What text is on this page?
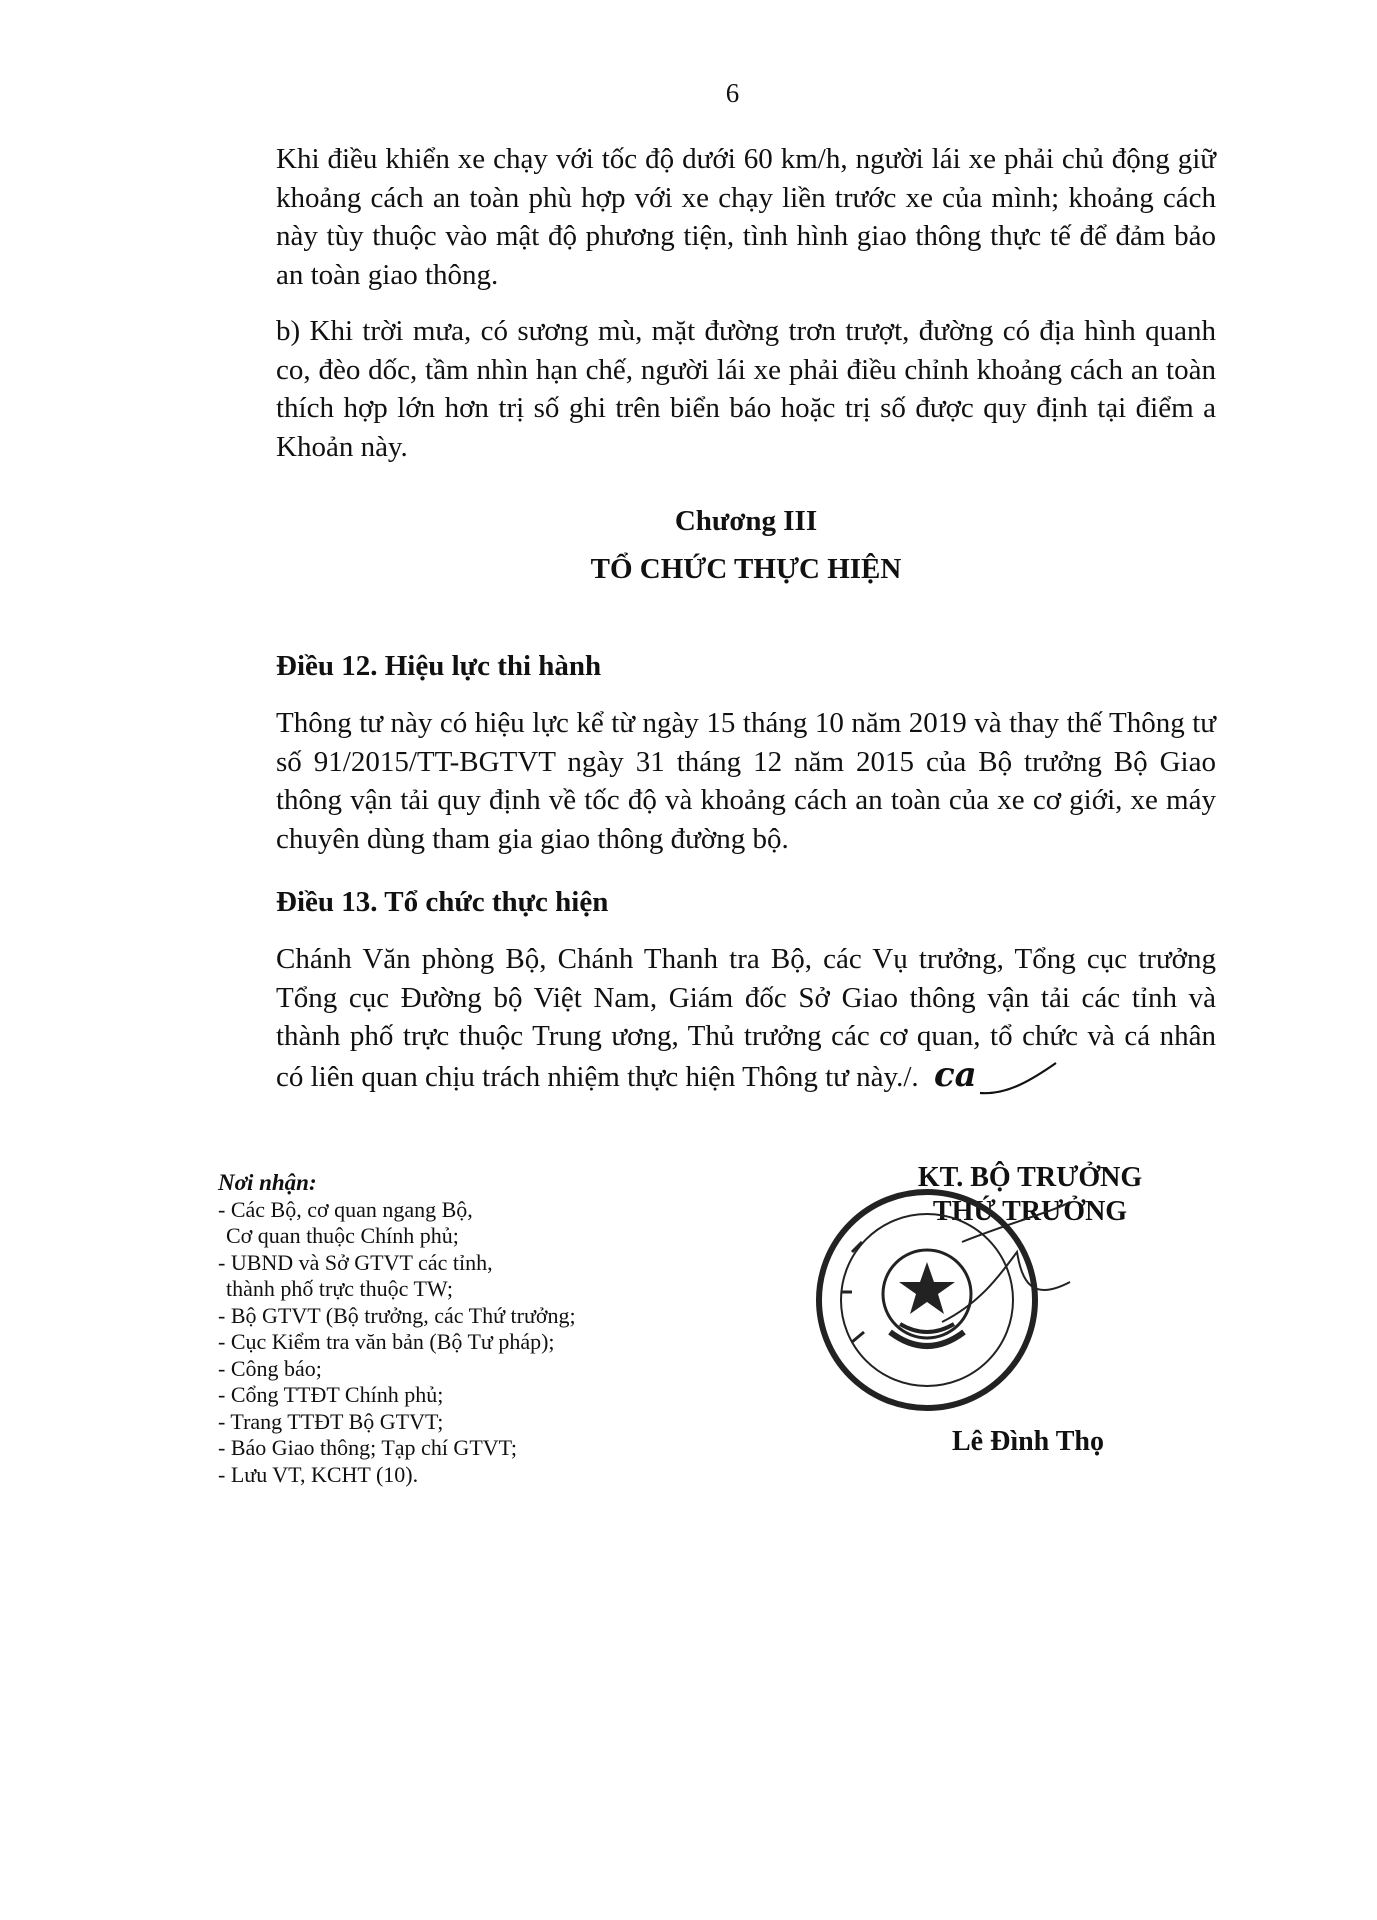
6

Khi điều khiển xe chạy với tốc độ dưới 60 km/h, người lái xe phải chủ động giữ khoảng cách an toàn phù hợp với xe chạy liền trước xe của mình; khoảng cách này tùy thuộc vào mật độ phương tiện, tình hình giao thông thực tế để đảm bảo an toàn giao thông.

b) Khi trời mưa, có sương mù, mặt đường trơn trượt, đường có địa hình quanh co, đèo dốc, tầm nhìn hạn chế, người lái xe phải điều chỉnh khoảng cách an toàn thích hợp lớn hơn trị số ghi trên biển báo hoặc trị số được quy định tại điểm a Khoản này.

Chương III
TỔ CHỨC THỰC HIỆN
Điều 12. Hiệu lực thi hành

Thông tư này có hiệu lực kể từ ngày 15 tháng 10 năm 2019 và thay thế Thông tư số 91/2015/TT-BGTVT ngày 31 tháng 12 năm 2015 của Bộ trưởng Bộ Giao thông vận tải quy định về tốc độ và khoảng cách an toàn của xe cơ giới, xe máy chuyên dùng tham gia giao thông đường bộ.

Điều 13. Tổ chức thực hiện

Chánh Văn phòng Bộ, Chánh Thanh tra Bộ, các Vụ trưởng, Tổng cục trưởng Tổng cục Đường bộ Việt Nam, Giám đốc Sở Giao thông vận tải các tỉnh và thành phố trực thuộc Trung ương, Thủ trưởng các cơ quan, tổ chức và cá nhân có liên quan chịu trách nhiệm thực hiện Thông tư này./. ca

Nơi nhận:
- Các Bộ, cơ quan ngang Bộ,
Cơ quan thuộc Chính phủ;
- UBND và Sở GTVT các tỉnh,
thành phố trực thuộc TW;
- Bộ GTVT (Bộ trưởng, các Thứ trưởng;
- Cục Kiểm tra văn bản (Bộ Tư pháp);
- Công báo;
- Cổng TTĐT Chính phủ;
- Trang TTĐT Bộ GTVT;
- Báo Giao thông; Tạp chí GTVT;
- Lưu VT, KCHT (10).
KT. BỘ TRƯỞNG
THỨ TRƯỞNG
Lê Đình Thọ
